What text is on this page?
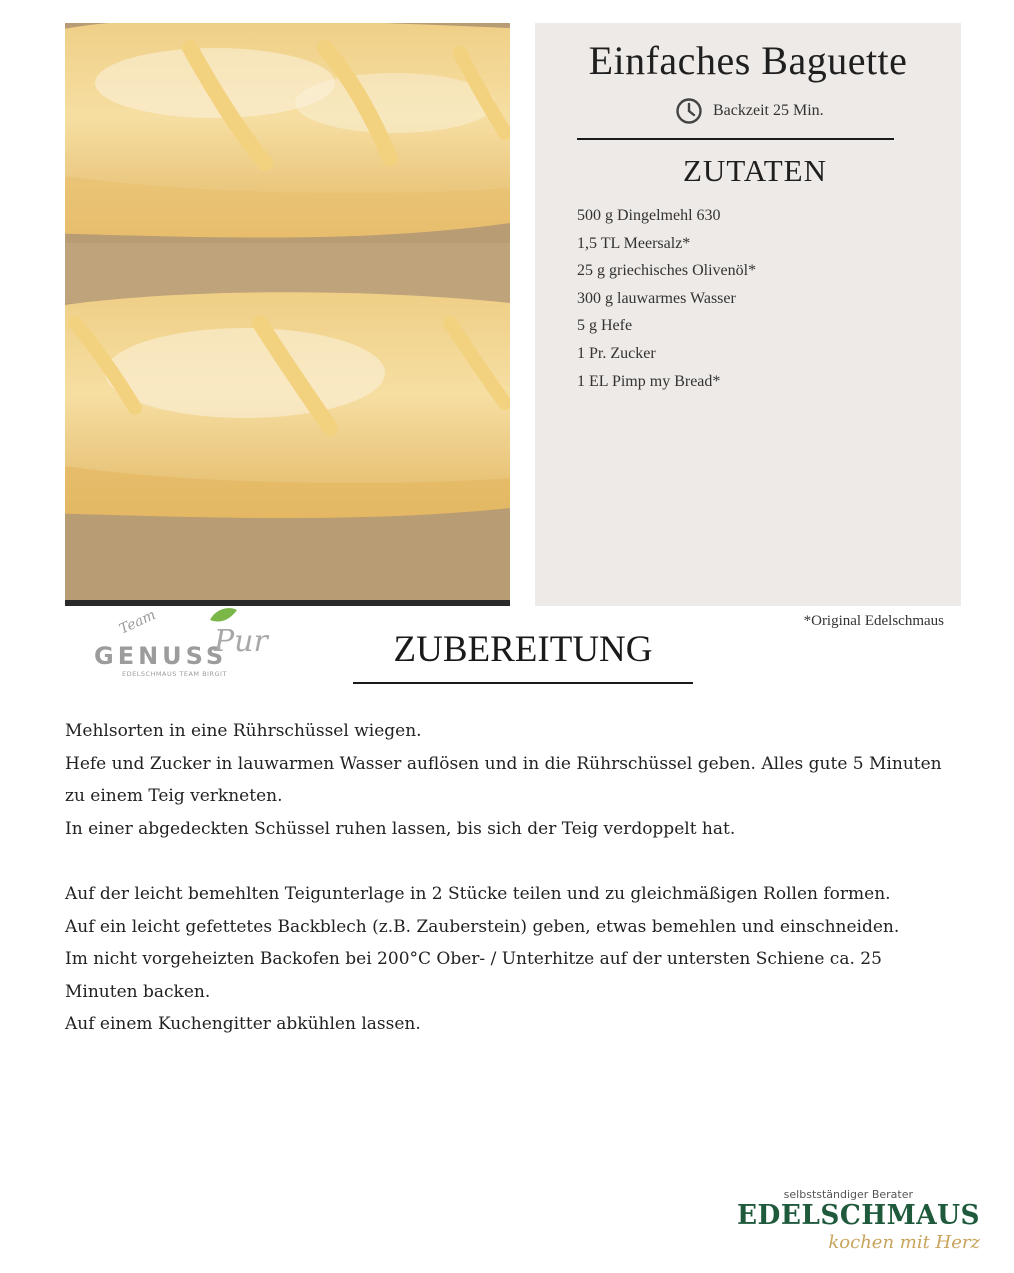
Einfaches Baguette
Backzeit 25 Min.
ZUTATEN
500 g Dingelmehl 630
1,5 TL Meersalz*
25 g griechisches Olivenöl*
300 g lauwarmes Wasser
5 g Hefe
1 Pr. Zucker
1 EL Pimp my Bread*
*Original Edelschmaus
Team
GENUSS
Pur
EDELSCHMAUS TEAM BIRGIT
ZUBEREITUNG

Mehlsorten in eine Rührschüssel wiegen.

Hefe und Zucker in lauwarmen Wasser auflösen und in die Rührschüssel geben. Alles gute 5 Minuten zu einem Teig verkneten.

In einer abgedeckten Schüssel ruhen lassen, bis sich der Teig verdoppelt hat.

Auf der leicht bemehlten Teigunterlage in 2 Stücke teilen und zu gleichmäßigen Rollen formen.

Auf ein leicht gefettetes Backblech (z.B. Zauberstein) geben, etwas bemehlen und einschneiden.

Im nicht vorgeheizten Backofen bei 200°C Ober- / Unterhitze auf der untersten Schiene ca. 25 Minuten backen.

Auf einem Kuchengitter abkühlen lassen.

selbstständiger Berater
EDELSCHMAUS
kochen mit Herz
